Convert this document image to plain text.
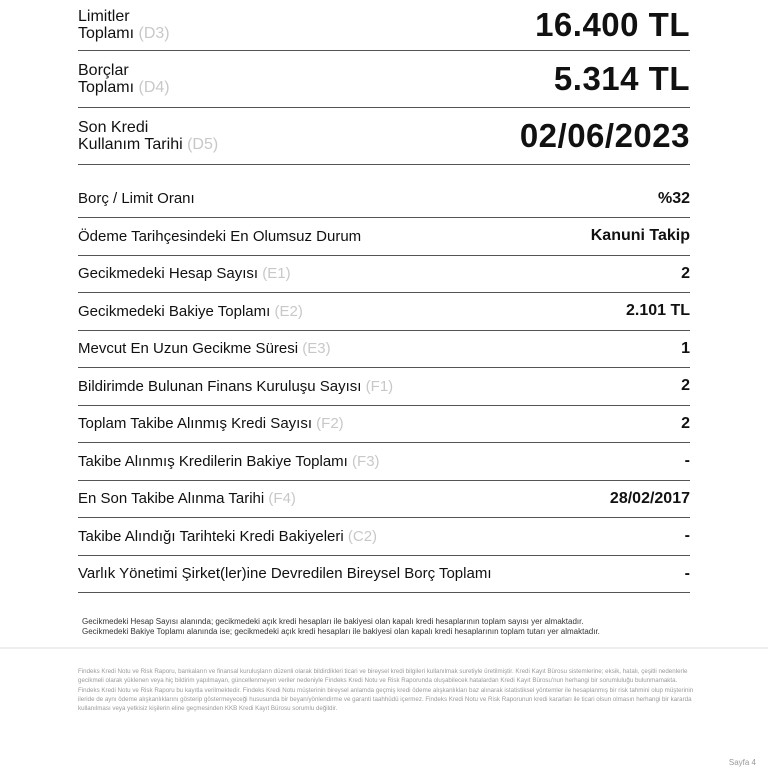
Limitler
Toplamı (D3)	16.400 TL
Borçlar
Toplamı (D4)	5.314 TL
Son Kredi
Kullanım Tarihi (D5)	02/06/2023
Borç / Limit Oranı	%32
Ödeme Tarihçesindeki En Olumsuz Durum	Kanuni Takip
Gecikmedeki Hesap Sayısı (E1)	2
Gecikmedeki Bakiye Toplamı (E2)	2.101 TL
Mevcut En Uzun Gecikme Süresi (E3)	1
Bildirimde Bulunan Finans Kuruluşu Sayısı (F1)	2
Toplam Takibe Alınmış Kredi Sayısı (F2)	2
Takibe Alınmış Kredilerin Bakiye Toplamı (F3)	-
En Son Takibe Alınma Tarihi (F4)	28/02/2017
Takibe Alındığı Tarihteki Kredi Bakiyeleri (C2)	-
Varlık Yönetimi Şirket(ler)ine Devredilen Bireysel Borç Toplamı	-
Gecikmedeki Hesap Sayısı alanında; gecikmedeki açık kredi hesapları ile bakiyesi olan kapalı kredi hesaplarının toplam sayısı yer almaktadır.
Gecikmedeki Bakiye Toplamı alanında ise; gecikmedeki açık kredi hesapları ile bakiyesi olan kapalı kredi hesaplarının toplam tutarı yer almaktadır.
Findeks Kredi Notu ve Risk Raporu, bankaların ve finansal kuruluşların düzenli olarak bildirdikleri ticari ve bireysel kredi bilgileri kullanılmak suretiyle üretilmiştir. Kredi Kayıt Bürosu sistemlerine; eksik, hatalı, çeşitli nedenlerle gecikmeli olarak yüklenen veya hiç bildirim yapılmayan, güncellenmeyen veriler nedeniyle Findeks Kredi Notu ve Risk Raporunda oluşabilecek hatalardan Kredi Kayıt Bürosu'nun herhangi bir sorumluluğu bulunmamakta. Findeks Kredi Notu ve Risk Raporu bu kayıtla verilmektedir. Findeks Kredi Notu müşterinin bireysel anlamda geçmiş kredi ödeme alışkanlıkları baz alınarak istatistiksel yöntemler ile hesaplanmış bir risk tahmini olup müşterinin ileride de aynı ödeme alışkanlıklarını gösterip göstermeyeceği hususunda bir beyan/yönlendirme ve garanti taahhüdü içermez. Findeks Kredi Notu ve Risk Raporunun kredi kararları ile ticari olsun olmasın herhangi bir kararda kullanılması veya yetkisiz kişilerin eline geçmesinden KKB Kredi Kayıt Bürosu sorumlu değildir.
Sayfa 4
